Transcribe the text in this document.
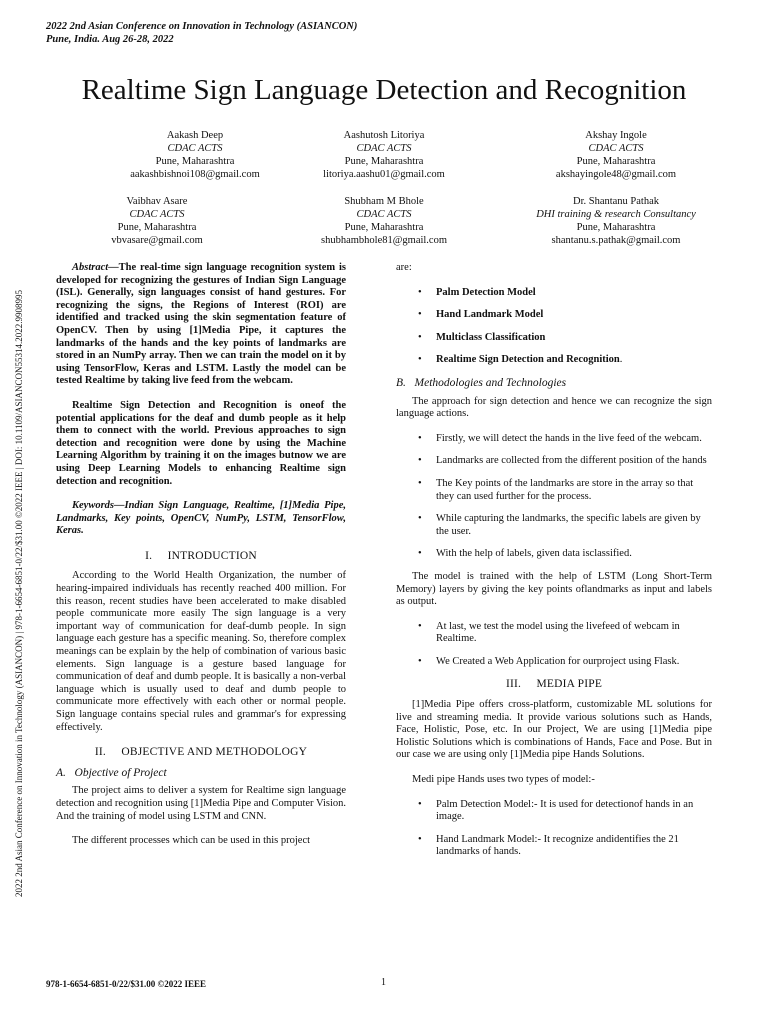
2022 2nd Asian Conference on Innovation in Technology (ASIANCON)
Pune, India. Aug 26-28, 2022
Realtime Sign Language Detection and Recognition
Aakash Deep
CDAC ACTS
Pune, Maharashtra
aakashbishnoi108@gmail.com
Aashutosh Litoriya
CDAC ACTS
Pune, Maharashtra
litoriya.aashu01@gmail.com
Akshay Ingole
CDAC ACTS
Pune, Maharashtra
akshayingole48@gmail.com
Vaibhav Asare
CDAC ACTS
Pune, Maharashtra
vbvasare@gmail.com
Shubham M Bhole
CDAC ACTS
Pune, Maharashtra
shubhambhole81@gmail.com
Dr. Shantanu Pathak
DHI training & research Consultancy
Pune, Maharashtra
shantanu.s.pathak@gmail.com
2022 2nd Asian Conference on Innovation in Technology (ASIANCON) | 978-1-6654-6851-0/22/$31.00 ©2022 IEEE | DOI: 10.1109/ASIANCON55314.2022.9908995

Abstract—The real-time sign language recognition system is developed for recognizing the gestures of Indian Sign Language (ISL). Generally, sign languages consist of hand gestures. For recognizing the signs, the Regions of Interest (ROI) are identified and tracked using the skin segmentation feature of OpenCV. Then by using [1]Media Pipe, it captures the landmarks of the hands and the key points of landmarks are stored in an NumPy array. Then we can train the model on it by using TensorFlow, Keras and LSTM. Lastly the model can be tested Realtime by taking live feed from the webcam.

Realtime Sign Detection and Recognition is oneof the potential applications for the deaf and dumb people as it help them to connect with the world. Previous approaches to sign detection and recognition were done by using the Machine Learning Algorithm by training it on the images butnow we are using Deep Learning Models to enhancing Realtime sign detection and recognition.

Keywords—Indian Sign Language, Realtime, [1]Media Pipe, Landmarks, Key points, OpenCV, NumPy, LSTM, TensorFlow, Keras.

I.     INTRODUCTION

According to the World Health Organization, the number of hearing-impaired individuals has recently reached 400 million. For this reason, recent studies have been accelerated to make disabled people communicate more easily The sign language is a very important way of communication for deaf-dumb people. In sign language each gesture has a specific meaning. So, therefore complex meanings can be explain by the help of combination of various basic elements. Sign language is a gesture based language for communication of deaf and dumb people. It is basically a non-verbal language which is usually used to deaf and dumb people to communicate more effectively with each other or normal people. Sign language contains special rules and grammar's for expressing effectively.

II.     OBJECTIVE AND METHODOLOGY
A.   Objective of Project

The project aims to deliver a system for Realtime sign language detection and recognition using [1]Media Pipe and Computer Vision. And the training of model using LSTM and CNN.

The different processes which can be used in this project

are:

• Palm Detection Model
• Hand Landmark Model
• Multiclass Classification
• Realtime Sign Detection and Recognition.
B.   Methodologies and Technologies

The approach for sign detection and hence we can recognize the sign language actions.

• Firstly, we will detect the hands in the live feed of the webcam.
• Landmarks are collected from the different position of the hands
• The Key points of the landmarks are store in the array so that they can used further for the process.
• While capturing the landmarks, the specific labels are given by the user.
• With the help of labels, given data isclassified.

The model is trained with the help of LSTM (Long Short-Term Memory) layers by giving the key points oflandmarks as input and labels as output.

• At last, we test the model using the livefeed of webcam in Realtime.
• We Created a Web Application for ourproject using Flask.
III.     MEDIA PIPE

[1]Media Pipe offers cross-platform, customizable ML solutions for live and streaming media. It provide various solutions such as Hands, Face, Holistic, Pose, etc. In our Project, We are using [1]Media pipe Holistic Solutions which is combinations of Hands, Face and Pose. But in our case we are using only [1]Media pipe Hands Solutions.

Medi pipe Hands uses two types of model:-

• Palm Detection Model:- It is used for detectionof hands in an image.
• Hand Landmark Model:- It recognize andidentifies the 21 landmarks of hands.
978-1-6654-6851-0/22/$31.00 ©2022 IEEE	1
